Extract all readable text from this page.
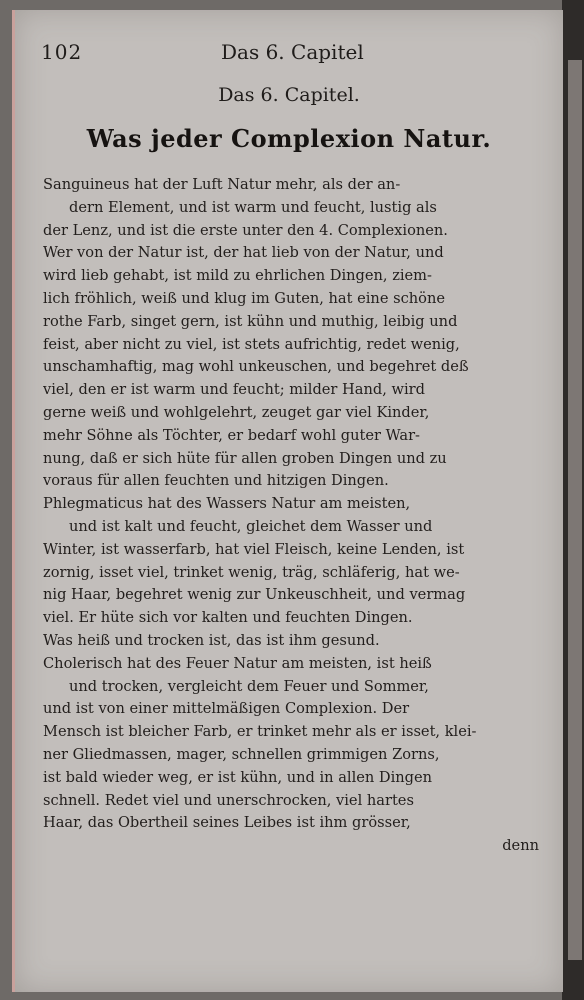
102	Das 6. Capitel
Das 6. Capitel.
Was jeder Complexion Natur.
Sanguineus hat der Luft Natur mehr, als der an-
dern Element, und ist warm und feucht, lustig als
der Lenz, und ist die erste unter den 4. Complexionen.
Wer von der Natur ist, der hat lieb von der Natur, und
wird lieb gehabt, ist mild zu ehrlichen Dingen, ziem-
lich fröhlich, weiß und klug im Guten, hat eine schöne
rothe Farb, singet gern, ist kühn und muthig, leibig und
feist, aber nicht zu viel, ist stets aufrichtig, redet wenig,
unschamhaftig, mag wohl unkeuschen, und begehret deß
viel, den er ist warm und feucht; milder Hand, wird
gerne weiß und wohlgelehrt, zeuget gar viel Kinder,
mehr Söhne als Töchter, er bedarf wohl guter War-
nung, daß er sich hüte für allen groben Dingen und zu
voraus für allen feuchten und hitzigen Dingen.
Phlegmaticus hat des Wassers Natur am meisten,
und ist kalt und feucht, gleichet dem Wasser und
Winter, ist wasserfarb, hat viel Fleisch, keine Lenden, ist
zornig, isset viel, trinket wenig, träg, schläferig, hat we-
nig Haar, begehret wenig zur Unkeuschheit, und vermag
viel. Er hüte sich vor kalten und feuchten Dingen.
Was heiß und trocken ist, das ist ihm gesund.
Cholerisch hat des Feuer Natur am meisten, ist heiß
und trocken, vergleicht dem Feuer und Sommer,
und ist von einer mittelmäßigen Complexion. Der
Mensch ist bleicher Farb, er trinket mehr als er isset, klei-
ner Gliedmassen, mager, schnellen grimmigen Zorns,
ist bald wieder weg, er ist kühn, und in allen Dingen
schnell. Redet viel und unerschrocken, viel hartes
Haar, das Obertheil seines Leibes ist ihm grösser,
denn
